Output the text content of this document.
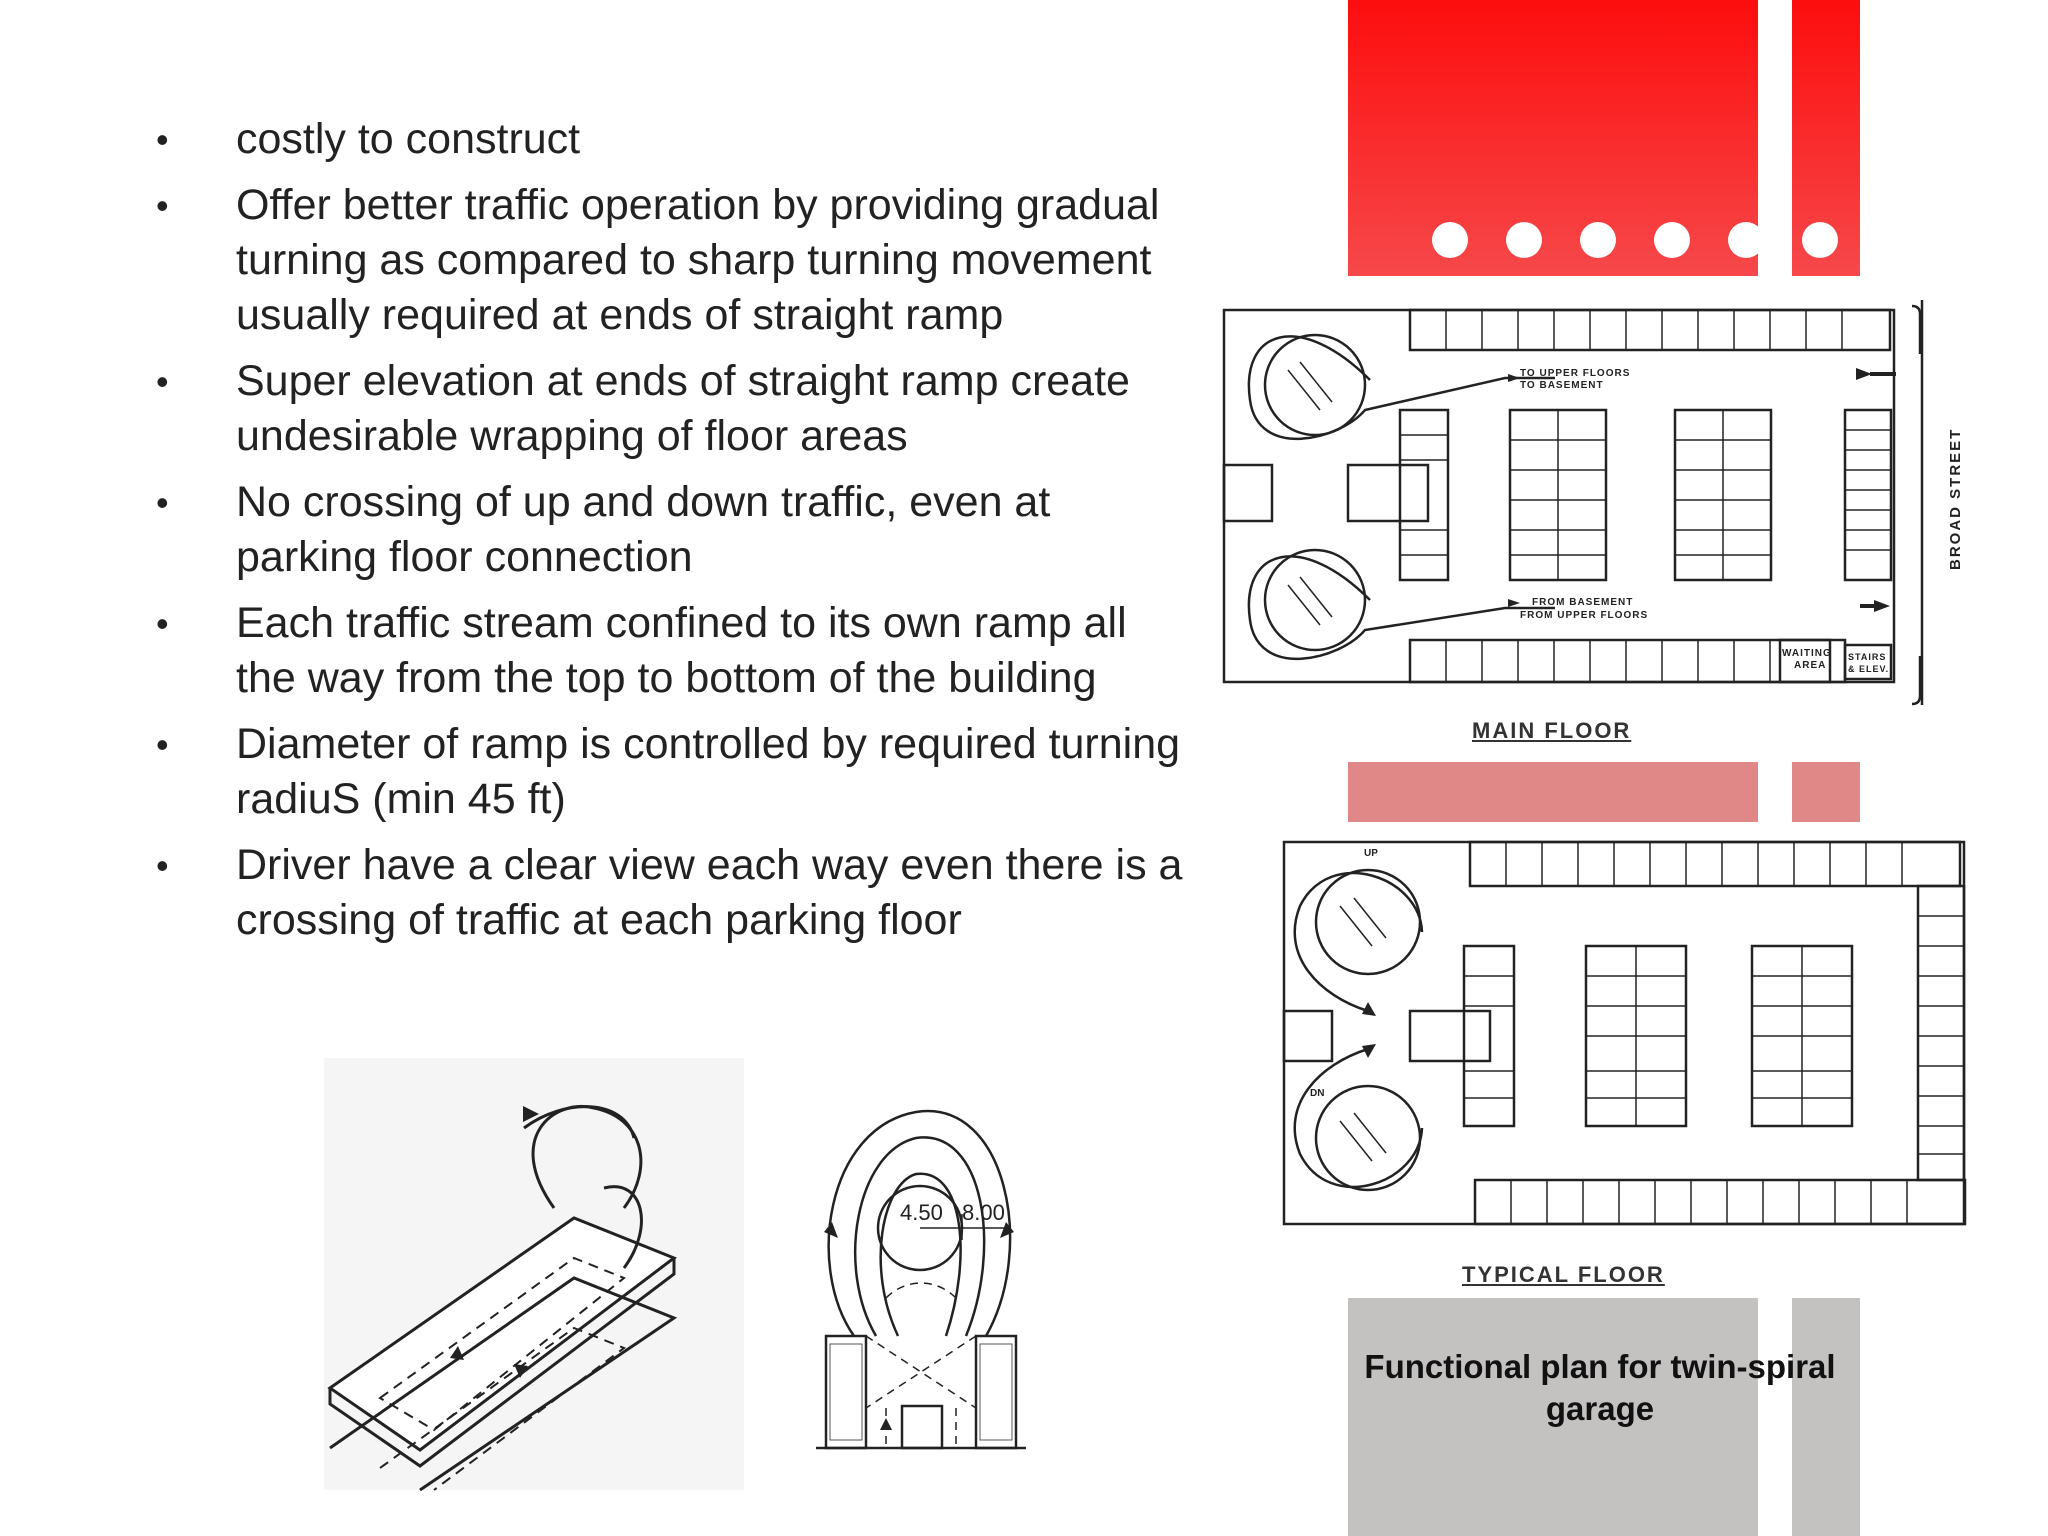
• costly to construct
• Offer better traffic operation by providing gradual turning as compared to sharp turning movement usually required at ends of straight ramp
• Super elevation at ends of straight ramp create undesirable wrapping of floor areas
• No crossing of up and down traffic, even at parking floor connection
• Each traffic stream confined to its own ramp all the way from the top to bottom of the building
• Diameter of ramp is controlled by required turning radiuS (min 45 ft)
• Driver have a clear view each way even there is a crossing of traffic at each parking floor
TO UPPER FLOORS
TO BASEMENT
FROM BASEMENT
FROM UPPER FLOORS
WAITING
AREA
STAIRS
& ELEV.
BROAD STREET
MAIN FLOOR
UP
DN
TYPICAL FLOOR
Functional plan for twin-spiral garage
4.50 8.00
